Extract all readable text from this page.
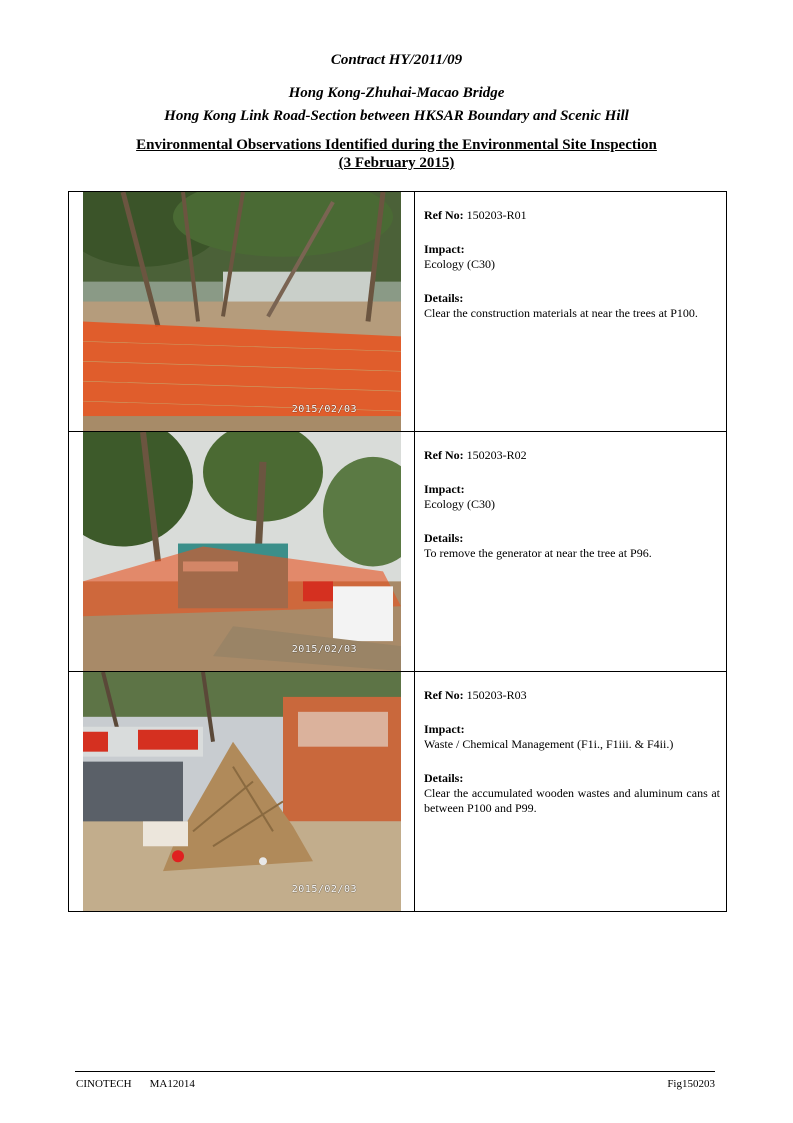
Contract HY/2011/09
Hong Kong-Zhuhai-Macao Bridge
Hong Kong Link Road-Section between HKSAR Boundary and Scenic Hill
Environmental Observations Identified during the Environmental Site Inspection
(3 February 2015)
2015/02/03

Ref No: 150203-R01

Impact:

Ecology (C30)

Details:

Clear the construction materials at near the trees at P100.

2015/02/03

Ref No: 150203-R02

Impact:

Ecology (C30)

Details:

To remove the generator at near the tree at P96.

2015/02/03

Ref No: 150203-R03

Impact:

Waste / Chemical Management (F1i., F1iii. & F4ii.)

Details:

Clear the accumulated wooden wastes and aluminum cans at between P100 and P99.

CINOTECH MA12014	Fig150203
